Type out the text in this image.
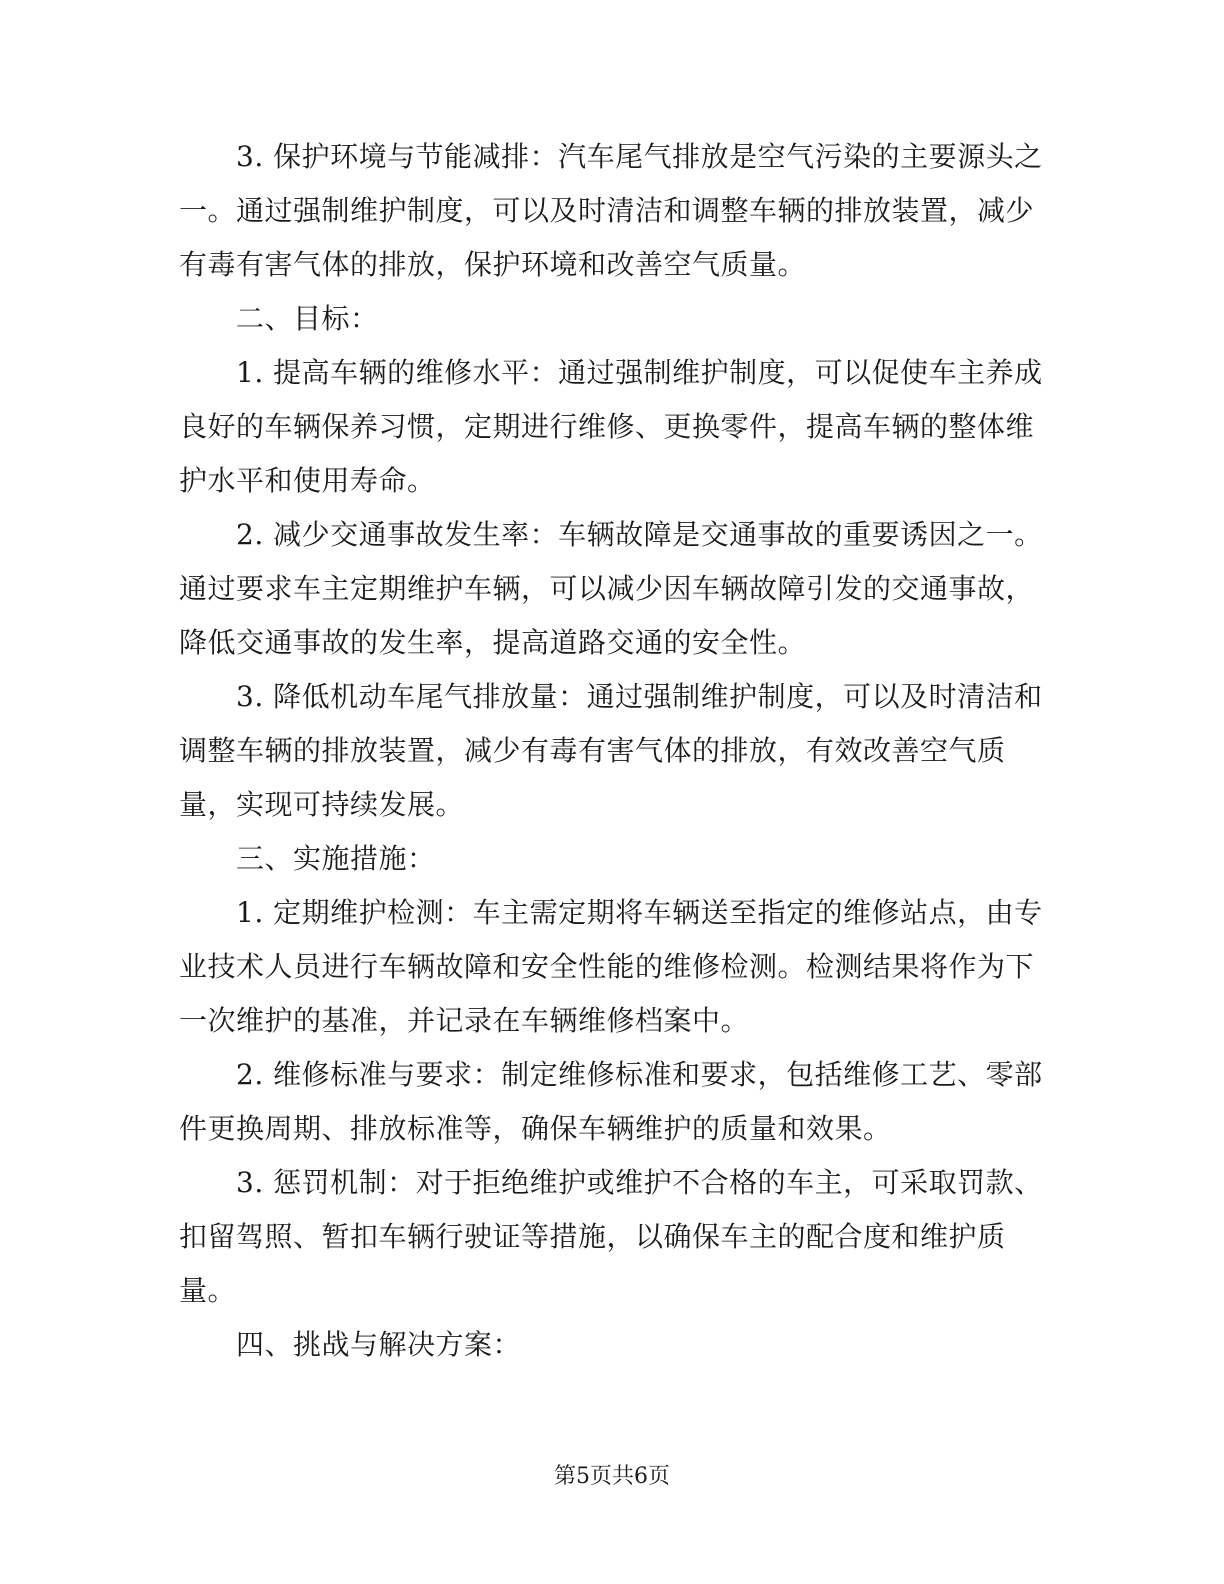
3. 保护环境与节能减排：汽车尾气排放是空气污染的主要源头之
一。通过强制维护制度，可以及时清洁和调整车辆的排放装置，减少
有毒有害气体的排放，保护环境和改善空气质量。
二、目标：
1. 提高车辆的维修水平：通过强制维护制度，可以促使车主养成
良好的车辆保养习惯，定期进行维修、更换零件，提高车辆的整体维
护水平和使用寿命。
2. 减少交通事故发生率：车辆故障是交通事故的重要诱因之一。
通过要求车主定期维护车辆，可以减少因车辆故障引发的交通事故，
降低交通事故的发生率，提高道路交通的安全性。
3. 降低机动车尾气排放量：通过强制维护制度，可以及时清洁和
调整车辆的排放装置，减少有毒有害气体的排放，有效改善空气质
量，实现可持续发展。
三、实施措施：
1. 定期维护检测：车主需定期将车辆送至指定的维修站点，由专
业技术人员进行车辆故障和安全性能的维修检测。检测结果将作为下
一次维护的基准，并记录在车辆维修档案中。
2. 维修标准与要求：制定维修标准和要求，包括维修工艺、零部
件更换周期、排放标准等，确保车辆维护的质量和效果。
3. 惩罚机制：对于拒绝维护或维护不合格的车主，可采取罚款、
扣留驾照、暂扣车辆行驶证等措施，以确保车主的配合度和维护质
量。
四、挑战与解决方案：
第5页共6页
